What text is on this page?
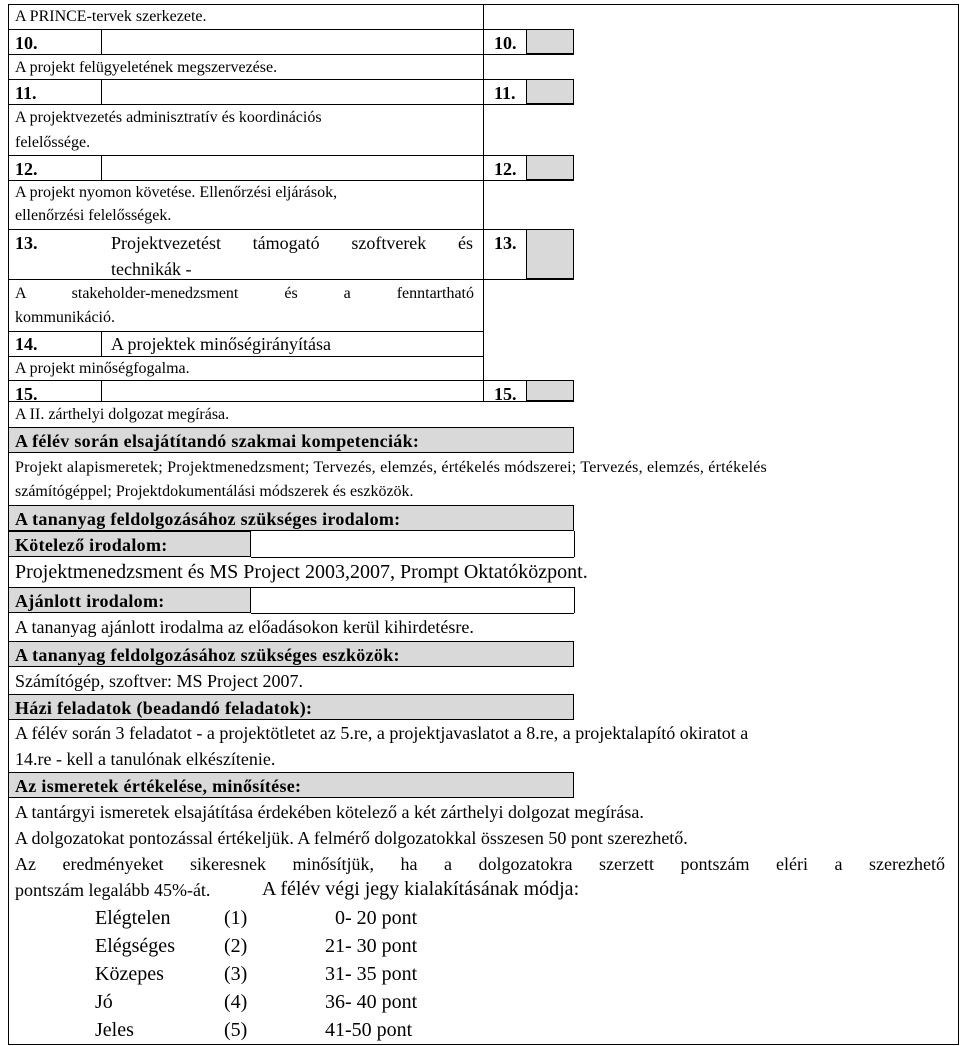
A PRINCE-tervek szerkezete.
10.	10.
A projekt felügyeletének megszervezése.
11.	11.
A projektvezetés adminisztratív és koordinációs
felelőssége.
12.	12.
A projekt nyomon követése. Ellenőrzési eljárások,
ellenőrzési felelősségek.
13.	Projektvezetést támogató szoftverek és
technikák -
13.
A stakeholder-menedzsment és a fenntartható
kommunikáció.
14.	A projektek minőségirányítása
A projekt minőségfogalma.
15.	15.
A II. zárthelyi dolgozat megírása.
A félév során elsajátítandó szakmai kompetenciák:
Projekt alapismeretek; Projektmenedzsment; Tervezés, elemzés, értékelés módszerei; Tervezés, elemzés, értékelés
számítógéppel; Projektdokumentálási módszerek és eszközök.
A tananyag feldolgozásához szükséges irodalom:
Kötelező irodalom:
Projektmenedzsment és MS Project 2003,2007, Prompt Oktatóközpont.
Ajánlott irodalom:
A tananyag ajánlott irodalma az előadásokon kerül kihirdetésre.
A tananyag feldolgozásához szükséges eszközök:
Számítógép, szoftver: MS Project 2007.
Házi feladatok (beadandó feladatok):
A félév során 3 feladatot - a projektötletet az 5.re, a projektjavaslatot a 8.re, a projektalapító okiratot a
14.re - kell a tanulónak elkészítenie.
Az ismeretek értékelése, minősítése:
A tantárgyi ismeretek elsajátítása érdekében kötelező a két zárthelyi dolgozat megírása.
A dolgozatokat pontozással értékeljük. A felmérő dolgozatokkal összesen 50 pont szerezhető.
Az eredményeket sikeresnek minősítjük, ha a dolgozatokra szerzett pontszám eléri a szerezhető
pontszám legalább 45%-át.	A félév végi jegy kialakításának módja:
Elégtelen	(1)	0- 20 pont
Elégséges (2)	21- 30 pont
Közepes	(3)	31- 35 pont
Jó	(4)	36- 40 pont
Jeles	(5)	41-50 pont
